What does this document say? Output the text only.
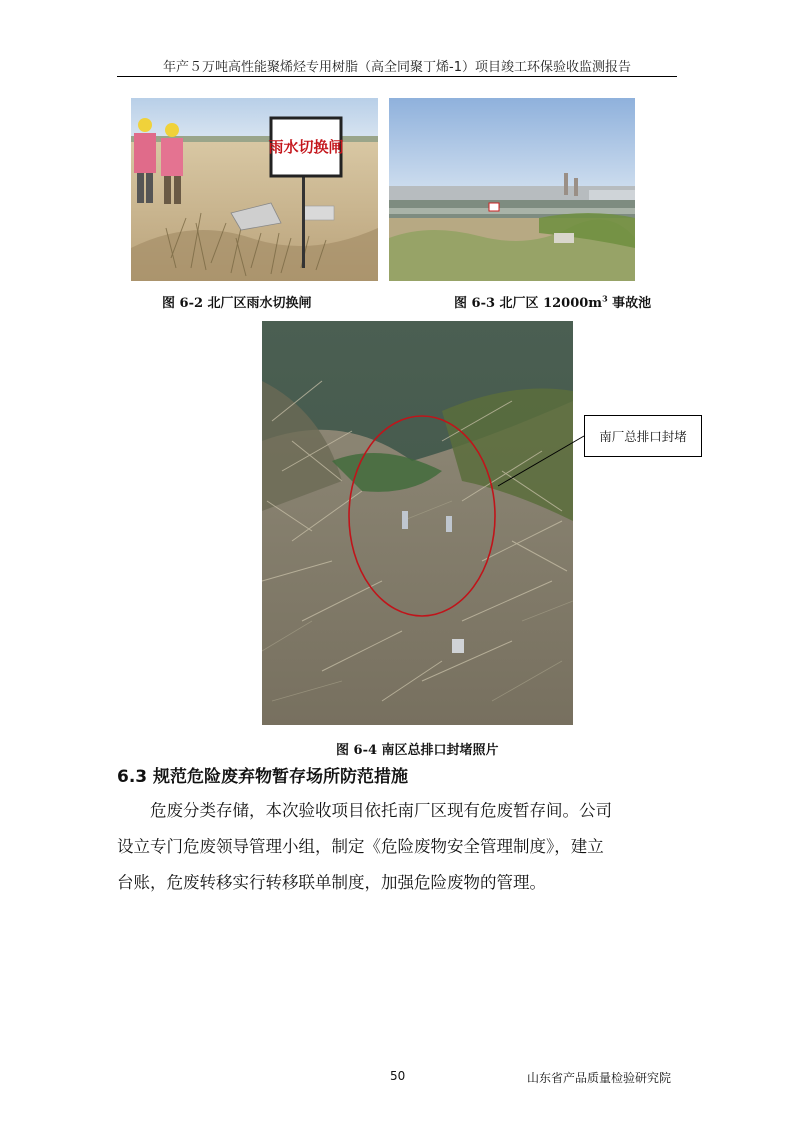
年产５万吨高性能聚烯烃专用树脂（高全同聚丁烯-1）项目竣工环保验收监测报告
雨水切换闸
图 6-2 北厂区雨水切换闸	图 6-3 北厂区 $12000m^3$ 事故池
南厂总排口封堵
图 6-4 南区总排口封堵照片
6.3 规范危险废弃物暂存场所防范措施
危废分类存储，本次验收项目依托南厂区现有危废暂存间。公司
设立专门危废领导管理小组，制定《危险废物安全管理制度》，建立
台账，危废转移实行转移联单制度，加强危险废物的管理。
50	山东省产品质量检验研究院
